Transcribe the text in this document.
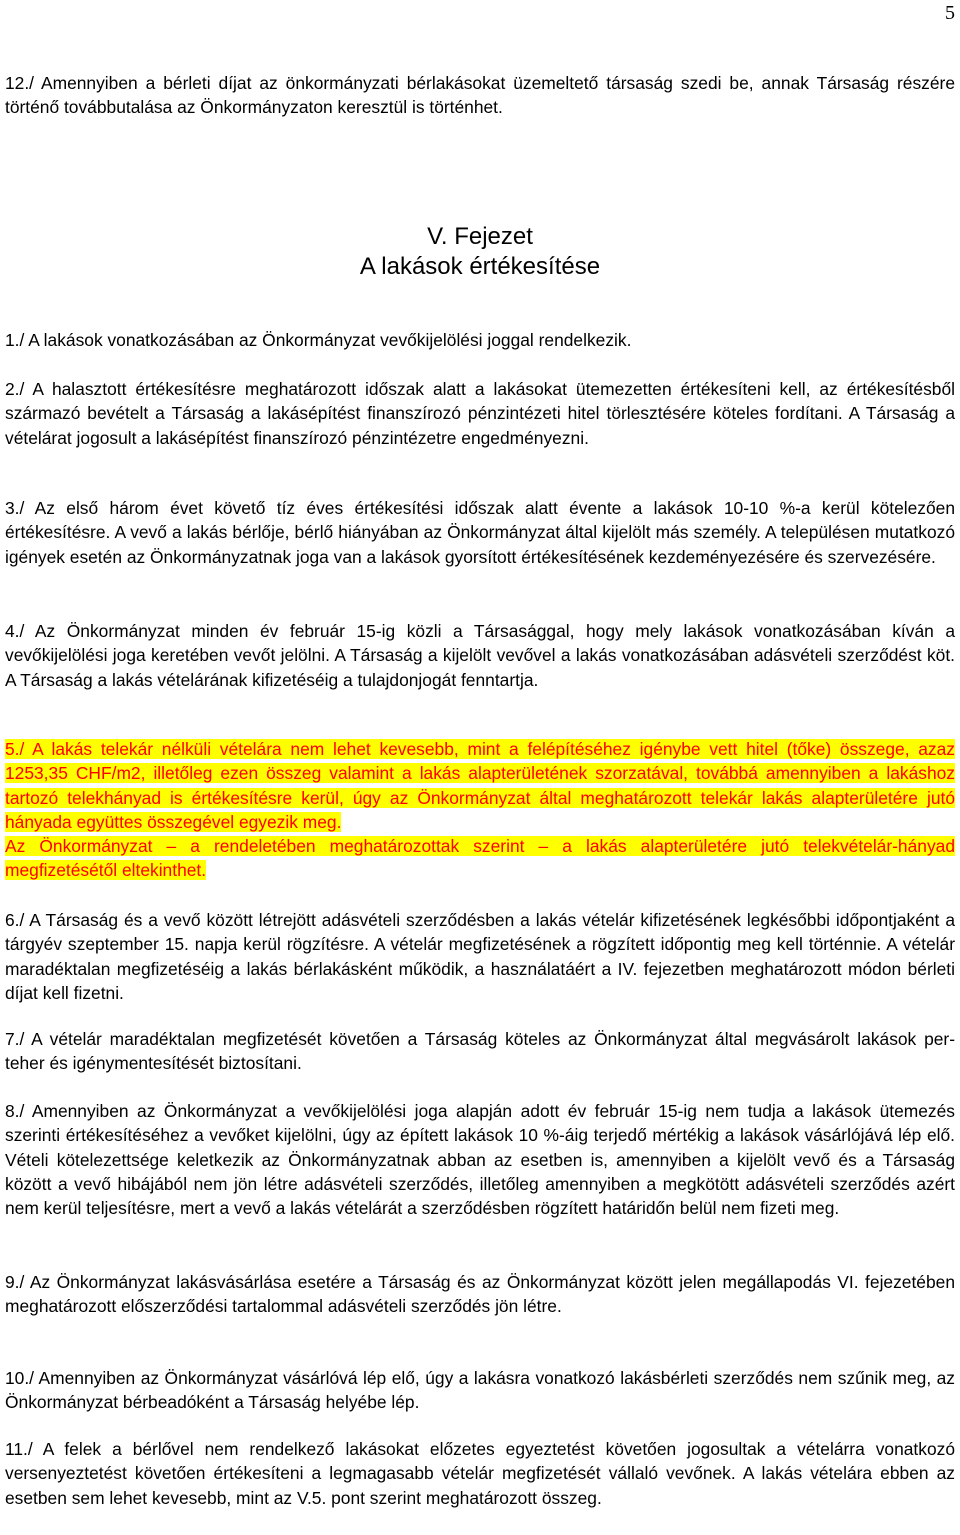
5

12./ Amennyiben a bérleti díjat az önkormányzati bérlakásokat üzemeltető társaság szedi be, annak Társaság részére történő továbbutalása az Önkormányzaton keresztül is történhet.

V. Fejezet
A lakások értékesítése

1./ A lakások vonatkozásában az Önkormányzat vevőkijelölési joggal rendelkezik.

2./ A halasztott értékesítésre meghatározott időszak alatt a lakásokat ütemezetten értékesíteni kell, az értékesítésből származó bevételt a Társaság a lakásépítést finanszírozó pénzintézeti hitel törlesztésére köteles fordítani. A Társaság a vételárat jogosult a lakásépítést finanszírozó pénzintézetre engedményezni.

3./ Az első három évet követő tíz éves értékesítési időszak alatt évente a lakások 10-10 %-a kerül kötelezően értékesítésre. A vevő a lakás bérlője, bérlő hiányában az Önkormányzat által kijelölt más személy. A településen mutatkozó igények esetén az Önkormányzatnak joga van a lakások gyorsított értékesítésének kezdeményezésére és szervezésére.

4./ Az Önkormányzat minden év február 15-ig közli a Társasággal, hogy mely lakások vonatkozásában kíván a vevőkijelölési joga keretében vevőt jelölni. A Társaság a kijelölt vevővel a lakás vonatkozásában adásvételi szerződést köt. A Társaság a lakás vételárának kifizetéséig a tulajdonjogát fenntartja.

5./ A lakás telekár nélküli vételára nem lehet kevesebb, mint a felépítéséhez igénybe vett hitel (tőke) összege, azaz 1253,35 CHF/m2, illetőleg ezen összeg valamint a lakás alapterületének szorzatával, továbbá amennyiben a lakáshoz tartozó telekhányad is értékesítésre kerül, úgy az Önkormányzat által meghatározott telekár lakás alapterületére jutó hányada együttes összegével egyezik meg.
Az Önkormányzat – a rendeletében meghatározottak szerint – a lakás alapterületére jutó telekvételár-hányad megfizetésétől eltekinthet.

6./ A Társaság és a vevő között létrejött adásvételi szerződésben a lakás vételár kifizetésének legkésőbbi időpontjaként a tárgyév szeptember 15. napja kerül rögzítésre. A vételár megfizetésének a rögzített időpontig meg kell történnie. A vételár maradéktalan megfizetéséig a lakás bérlakásként működik, a használatáért a IV. fejezetben meghatározott módon bérleti díjat kell fizetni.

7./ A vételár maradéktalan megfizetését követően a Társaság köteles az Önkormányzat által megvásárolt lakások per- teher és igénymentesítését biztosítani.

8./ Amennyiben az Önkormányzat a vevőkijelölési joga alapján adott év február 15-ig nem tudja a lakások ütemezés szerinti értékesítéséhez a vevőket kijelölni, úgy az épített lakások 10 %-áig terjedő mértékig a lakások vásárlójává lép elő. Vételi kötelezettsége keletkezik az Önkormányzatnak abban az esetben is, amennyiben a kijelölt vevő és a Társaság között a vevő hibájából nem jön létre adásvételi szerződés, illetőleg amennyiben a megkötött adásvételi szerződés azért nem kerül teljesítésre, mert a vevő a lakás vételárát a szerződésben rögzített határidőn belül nem fizeti meg.

9./ Az Önkormányzat lakásvásárlása esetére a Társaság és az Önkormányzat között jelen megállapodás VI. fejezetében meghatározott előszerződési tartalommal adásvételi szerződés jön létre.

10./ Amennyiben az Önkormányzat vásárlóvá lép elő, úgy a lakásra vonatkozó lakásbérleti szerződés nem szűnik meg, az Önkormányzat bérbeadóként a Társaság helyébe lép.

11./ A felek a bérlővel nem rendelkező lakásokat előzetes egyeztetést követően jogosultak a vételárra vonatkozó versenyeztetést követően értékesíteni a legmagasabb vételár megfizetését vállaló vevőnek. A lakás vételára ebben az esetben sem lehet kevesebb, mint az V.5. pont szerint meghatározott összeg.
